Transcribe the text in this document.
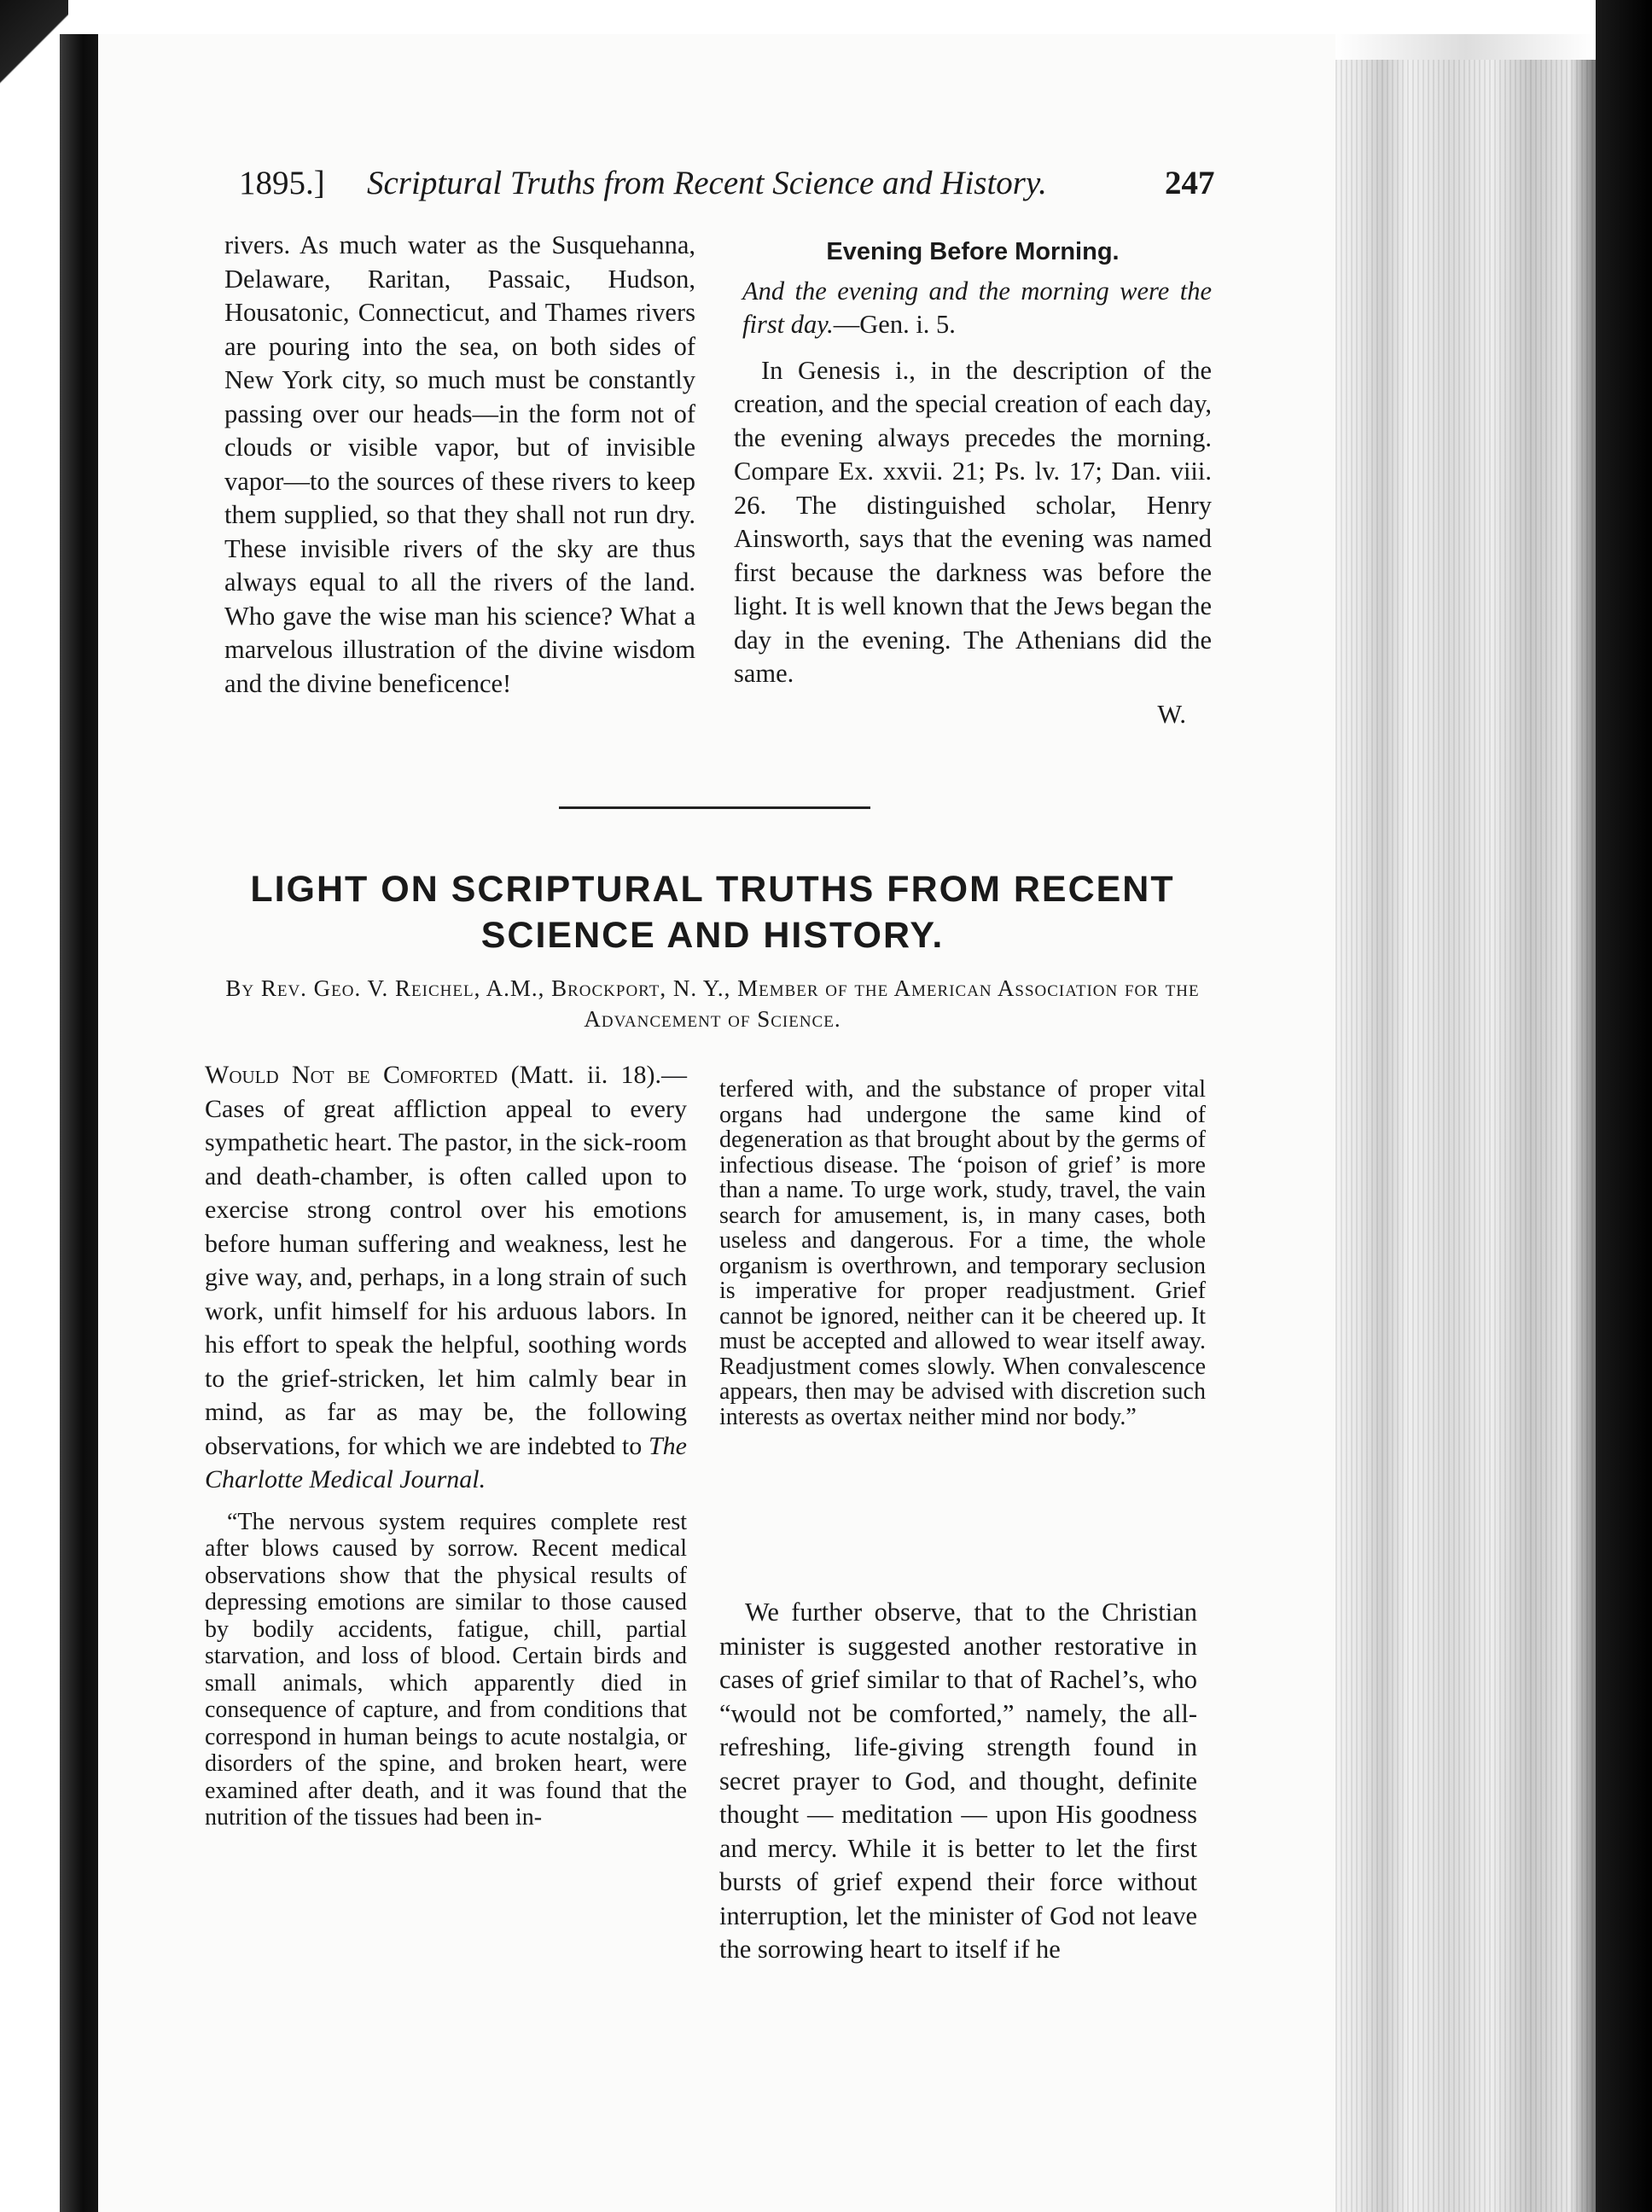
1895.] Scriptural Truths from Recent Science and History.	247

rivers. As much water as the Susquehanna, Delaware, Raritan, Passaic, Hudson, Housatonic, Connecticut, and Thames rivers are pouring into the sea, on both sides of New York city, so much must be constantly passing over our heads—in the form not of clouds or visible vapor, but of invisible vapor—to the sources of these rivers to keep them supplied, so that they shall not run dry. These invisible rivers of the sky are thus always equal to all the rivers of the land. Who gave the wise man his science? What a marvelous illustration of the divine wisdom and the divine beneficence!

Evening Before Morning.

And the evening and the morning were the first day.—Gen. i. 5.

In Genesis i., in the description of the creation, and the special creation of each day, the evening always precedes the morning. Compare Ex. xxvii. 21; Ps. lv. 17; Dan. viii. 26. The distinguished scholar, Henry Ainsworth, says that the evening was named first because the darkness was before the light. It is well known that the Jews began the day in the evening. The Athenians did the same.

W.

LIGHT ON SCRIPTURAL TRUTHS FROM RECENT SCIENCE AND HISTORY.
By Rev. Geo. V. Reichel, A.M., Brockport, N. Y., Member of the American Association for the Advancement of Science.

Would Not be Comforted (Matt. ii. 18).—Cases of great affliction appeal to every sympathetic heart. The pastor, in the sick-room and death-chamber, is often called upon to exercise strong control over his emotions before human suffering and weakness, lest he give way, and, perhaps, in a long strain of such work, unfit himself for his arduous labors. In his effort to speak the helpful, soothing words to the grief-stricken, let him calmly bear in mind, as far as may be, the following observations, for which we are indebted to The Charlotte Medical Journal.

“The nervous system requires complete rest after blows caused by sorrow. Recent medical observations show that the physical results of depressing emotions are similar to those caused by bodily accidents, fatigue, chill, partial starvation, and loss of blood. Certain birds and small animals, which apparently died in consequence of capture, and from conditions that correspond in human beings to acute nostalgia, or disorders of the spine, and broken heart, were examined after death, and it was found that the nutrition of the tissues had been in-

terfered with, and the substance of proper vital organs had undergone the same kind of degeneration as that brought about by the germs of infectious disease. The ‘poison of grief’ is more than a name. To urge work, study, travel, the vain search for amusement, is, in many cases, both useless and dangerous. For a time, the whole organism is overthrown, and temporary seclusion is imperative for proper readjustment. Grief cannot be ignored, neither can it be cheered up. It must be accepted and allowed to wear itself away. Readjustment comes slowly. When convalescence appears, then may be advised with discretion such interests as overtax neither mind nor body.”

We further observe, that to the Christian minister is suggested another restorative in cases of grief similar to that of Rachel’s, who “would not be comforted,” namely, the all-refreshing, life-giving strength found in secret prayer to God, and thought, definite thought — meditation — upon His goodness and mercy. While it is better to let the first bursts of grief expend their force without interruption, let the minister of God not leave the sorrowing heart to itself if he
